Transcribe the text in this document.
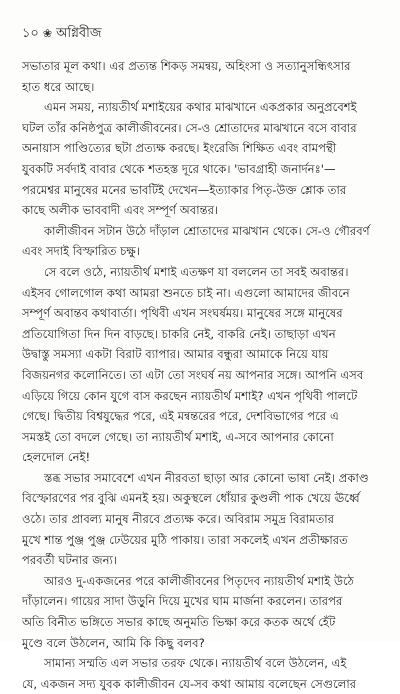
১০ ❀ অগ্নিবীজ
সভাতার মূল কথা। এর প্রত্যন্ত শিকড় সমন্বয়, অহিংসা ও সত্যানুসন্ধিৎসার
হাত ধরে আছে।
এমন সময়, ন্যায়তীর্থ মশাইয়ের কথার মাঝখানে একপ্রকার অনুপ্রবেশই
ঘটল তাঁর কনিষ্ঠপুত্র কালীজীবনের। সে-ও শ্রোতাদের মাঝখানে বসে বাবার
অনায়াস পাণ্ডিত্যের ছটা প্রত্যক্ষ করছে। ইংরেজি শিক্ষিত এবং বামপন্থী
যুবকটি সর্বদাই বাবার থেকে শতহস্ত দূরে থাকে। 'ভাবগ্রাহী জনার্দনঃ'—
পরমেশ্বর মানুষের মনের ভাবটিই দেখেন—ইত্যাকার পিতৃ-উক্ত শ্লোক তার
কাছে অলীক ভাববাদী এবং সম্পূর্ণ অবান্তর।
কালীজীবন সটান উঠে দাঁড়াল শ্রোতাদের মাঝখান থেকে। সে-ও গৌরবর্ণ
এবং সদাই বিস্ফারিত চক্ষু।
সে বলে ওঠে, ন্যায়তীর্থ মশাই এতক্ষণ যা বললেন তা সবই অবান্তর।
এইসব গোলগোল কথা আমরা শুনতে চাই না। এগুলো আমাদের জীবনে
সম্পূর্ণ অবান্তব কথাবার্তা। পৃথিবী এখন সংঘর্ষময়। মানুষের সঙ্গে মানুষের
প্রতিযোগিতা দিন দিন বাড়ছে। চাকরি নেই, বাকরি নেই। তাছাড়া এখন
উদ্বাস্তু সমস্যা একটা বিরাট ব্যাপার। আমার বন্ধুরা আমাকে নিয়ে যায়
বিজয়নগর কলোনিতে। তা এটা তো সংঘর্ষ নয় আপনার সঙ্গে। আপনি এসব
এড়িয়ে গিয়ে কোন যুগে বাস করছেন ন্যায়তীর্থ মশাই? এখন পৃথিবী পালটে
গেছে। দ্বিতীয় বিশ্বযুদ্ধের পরে, এই মন্বন্তরের পরে, দেশবিভাগের পরে এ
সমস্তই তো বদলে গেছে। তা ন্যায়তীর্থ মশাই, এ-সবে আপনার কোনো
হেলদোল নেই!
স্তব্ধ সভার সমাবেশে এখন নীরবতা ছাড়া আর কোনো ভাষা নেই। প্রকাণ্ড
বিস্ফোরণের পর বুঝি এমনই হয়। অকুস্থলে ধোঁয়ার কুণ্ডলী পাক খেয়ে ঊর্ধ্বে
ওঠে। তার প্রাবল্য মানুষ নীরবে প্রত্যক্ষ করে। অবিরাম সমুদ্র বিরামতার
মুখে শান্ত পুঞ্জ পুঞ্জ ঢেউয়ের মুঠি পাকায়। তারা সকলেই এখন প্রতীক্ষারত
পরবর্তী ঘটনার জন্য।
আরও দু-একজনের পরে কালীজীবনের পিতৃদেব ন্যায়তীর্থ মশাই উঠে
দাঁড়ালেন। গায়ের সাদা উড়ুনি দিয়ে মুখের ঘাম মার্জনা করলেন। তারপর
অতি বিনীত ভঙ্গিতে সভার কাছে অনুমতি ভিক্ষা করে কতক অর্থে হেঁট
মুণ্ডে বলে উঠলেন, আমি কি কিছু বলব?
সামান্য সম্মতি এল সভার তরফ থেকে। ন্যায়তীর্থ বলে উঠলেন, এই
যে, একজন সদ্য যুবক কালীজীবন যে-সব কথা আমায় বলেছেন সেগুলোর
